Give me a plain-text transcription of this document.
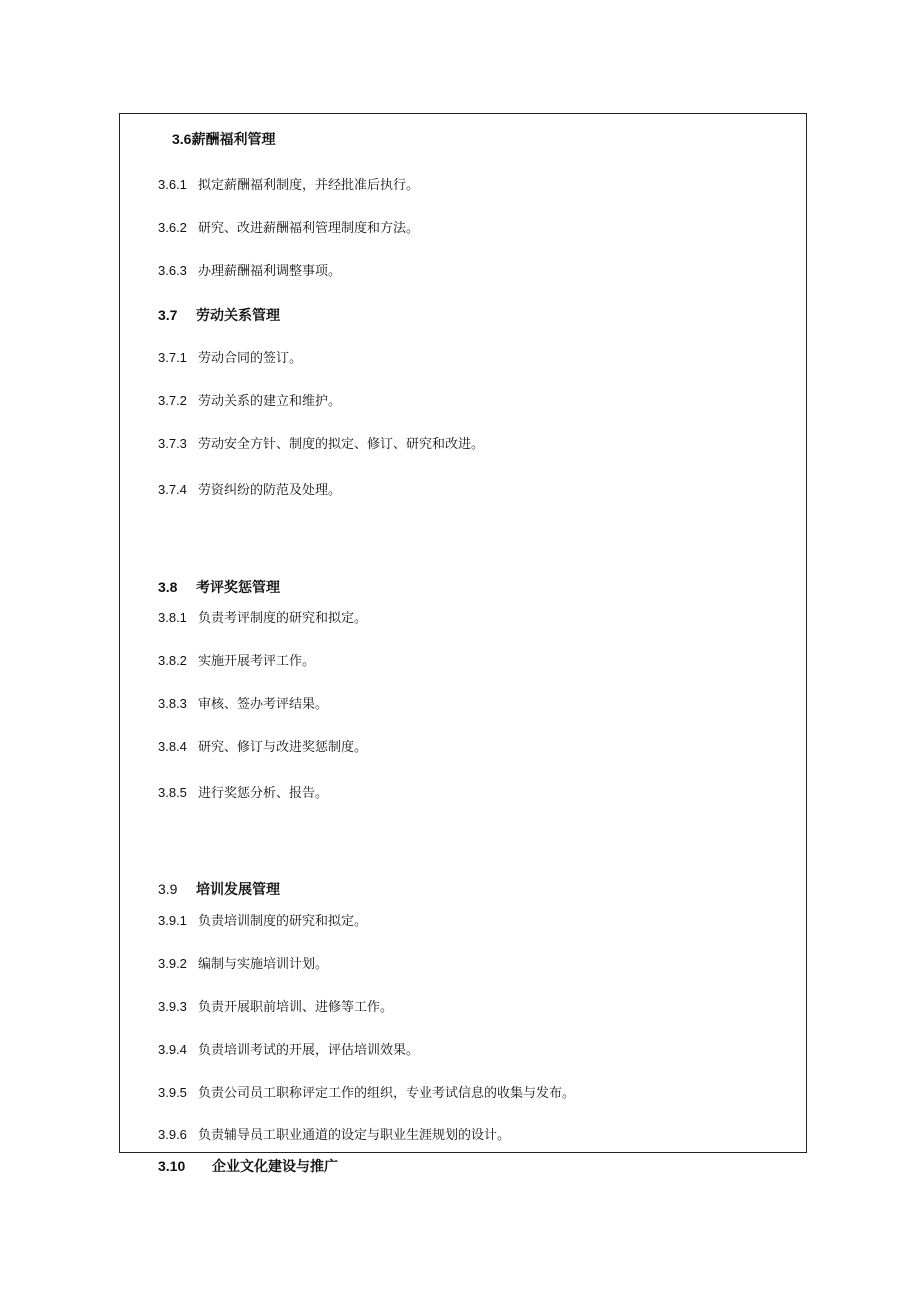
3.6薪酬福利管理
3.6.1 拟定薪酬福利制度，并经批准后执行。
3.6.2 研究、改进薪酬福利管理制度和方法。
3.6.3 办理薪酬福利调整事项。
3.7 劳动关系管理
3.7.1 劳动合同的签订。
3.7.2 劳动关系的建立和维护。
3.7.3 劳动安全方针、制度的拟定、修订、研究和改进。
3.7.4 劳资纠纷的防范及处理。
3.8 考评奖惩管理
3.8.1 负责考评制度的研究和拟定。
3.8.2 实施开展考评工作。
3.8.3 审核、签办考评结果。
3.8.4 研究、修订与改进奖惩制度。
3.8.5 进行奖惩分析、报告。
3.9 培训发展管理
3.9.1 负责培训制度的研究和拟定。
3.9.2 编制与实施培训计划。
3.9.3 负责开展职前培训、进修等工作。
3.9.4 负责培训考试的开展，评估培训效果。
3.9.5 负责公司员工职称评定工作的组织，专业考试信息的收集与发布。
3.9.6 负责辅导员工职业通道的设定与职业生涯规划的设计。
3.10 企业文化建设与推广
